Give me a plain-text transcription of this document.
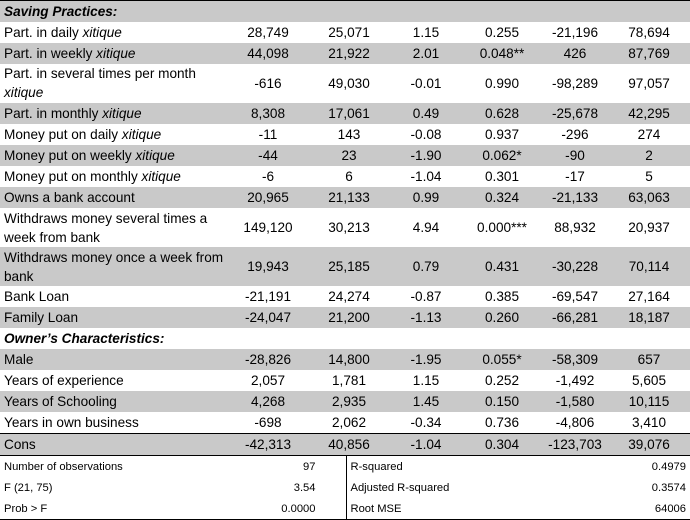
Saving Practices:						
Part. in daily xitique	28,749	25,071	1.15	0.255	-21,196	78,694
Part. in weekly xitique	44,098	21,922	2.01	0.048**	426	87,769
Part. in several times per month xitique	-616	49,030	-0.01	0.990	-98,289	97,057
Part. in monthly xitique	8,308	17,061	0.49	0.628	-25,678	42,295
Money put on daily xitique	-11	143	-0.08	0.937	-296	274
Money put on weekly xitique	-44	23	-1.90	0.062*	-90	2
Money put on monthly xitique	-6	6	-1.04	0.301	-17	5
Owns a bank account	20,965	21,133	0.99	0.324	-21,133	63,063
Withdraws money several times a week from bank	149,120	30,213	4.94	0.000***	88,932	20,937
Withdraws money once a week from bank	19,943	25,185	0.79	0.431	-30,228	70,114
Bank Loan	-21,191	24,274	-0.87	0.385	-69,547	27,164
Family Loan	-24,047	21,200	-1.13	0.260	-66,281	18,187
Owner’s Characteristics:						
Male	-28,826	14,800	-1.95	0.055*	-58,309	657
Years of experience	2,057	1,781	1.15	0.252	-1,492	5,605
Years of Schooling	4,268	2,935	1.45	0.150	-1,580	10,115
Years in own business	-698	2,062	-0.34	0.736	-4,806	3,410
Cons	-42,313	40,856	-1.04	0.304	-123,703	39,076
Number of observations	97	R-squared	0.4979
F (21, 75)	3.54	Adjusted R-squared	0.3574
Prob > F	0.0000	Root MSE	64006
